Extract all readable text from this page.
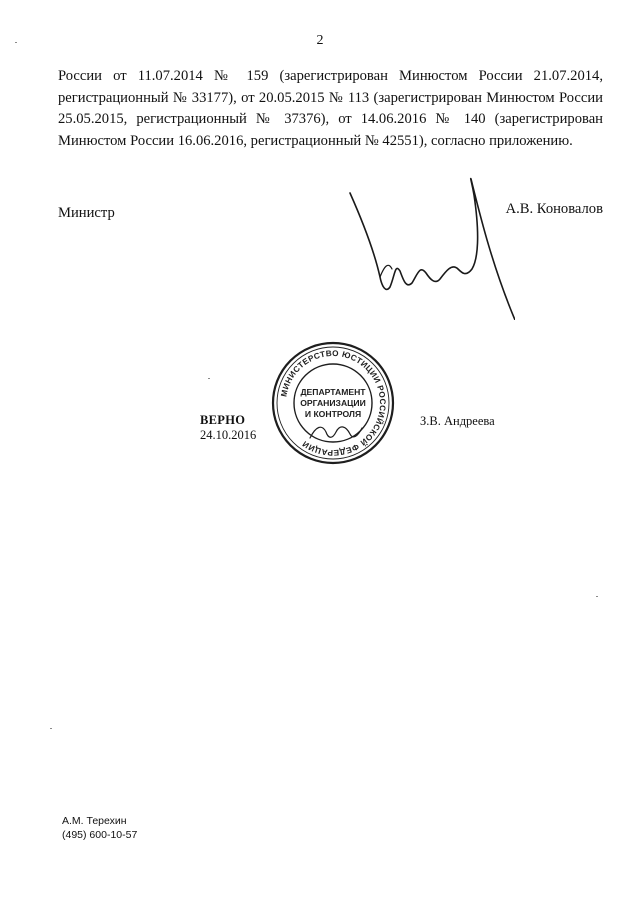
2

России от 11.07.2014 № 159 (зарегистрирован Минюстом России 21.07.2014, регистрационный № 33177), от 20.05.2015 № 113 (зарегистрирован Минюстом России 25.05.2015, регистрационный № 37376), от 14.06.2016 № 140 (зарегистрирован Минюстом России 16.06.2016, регистрационный № 42551), согласно приложению.

Министр	А.В. Коновалов
ВЕРНО
24.10.2016
МИНИСТЕРСТВО ЮСТИЦИИ РОССИЙСКОЙ ФЕДЕРАЦИИ
ДЕПАРТАМЕНТ
ОРГАНИЗАЦИИ
И КОНТРОЛЯ	З.В. Андреева
А.М. Терехин
(495) 600-10-57
